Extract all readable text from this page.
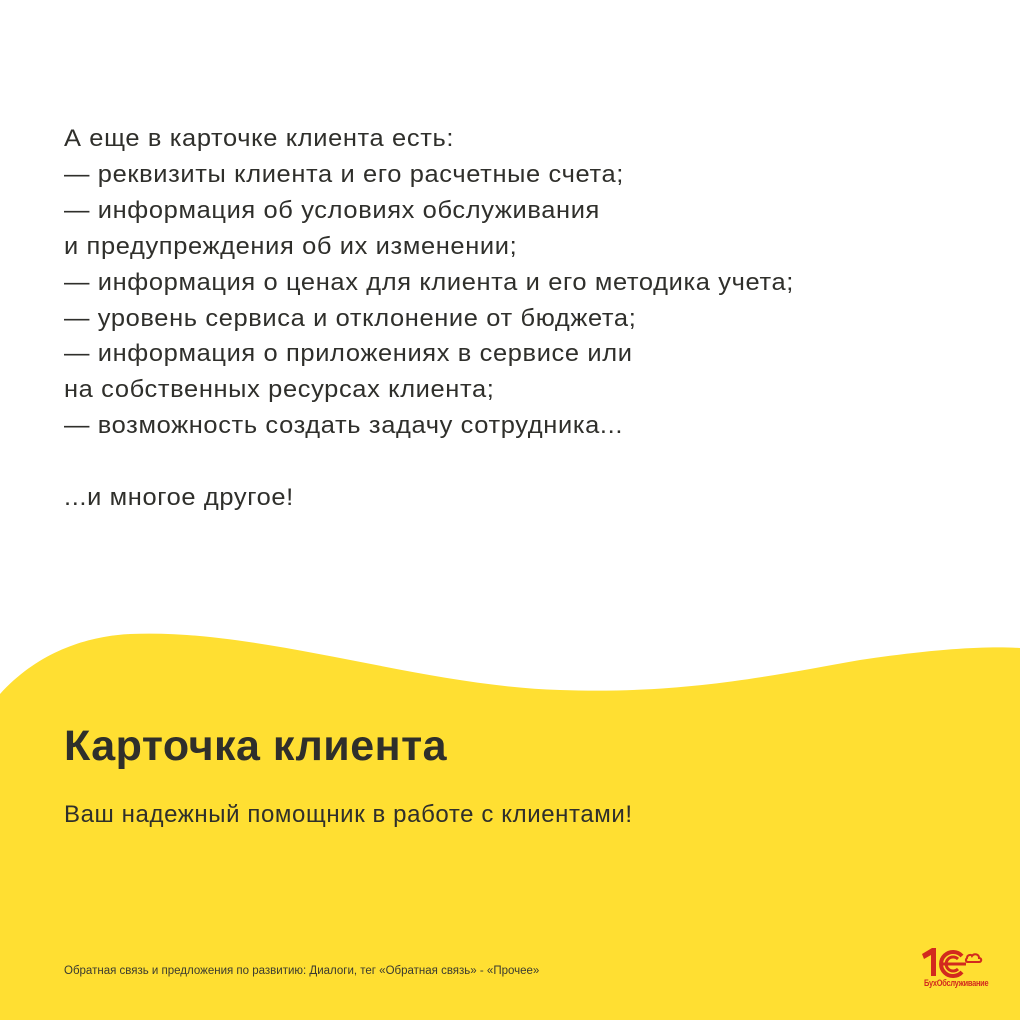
А еще в карточке клиента есть:
— реквизиты клиента и его расчетные счета;
— информация об условиях обслуживания
и предупреждения об их изменении;
— информация о ценах для клиента и его методика учета;
— уровень сервиса и отклонение от бюджета;
— информация о приложениях в сервисе или
на собственных ресурсах клиента;
— возможность создать задачу сотрудника...
...и многое другое!
Карточка клиента
Ваш надежный помощник в работе с клиентами!
Обратная связь и предложения по развитию: Диалоги, тег «Обратная связь» - «Прочее»
БухОбслуживание
